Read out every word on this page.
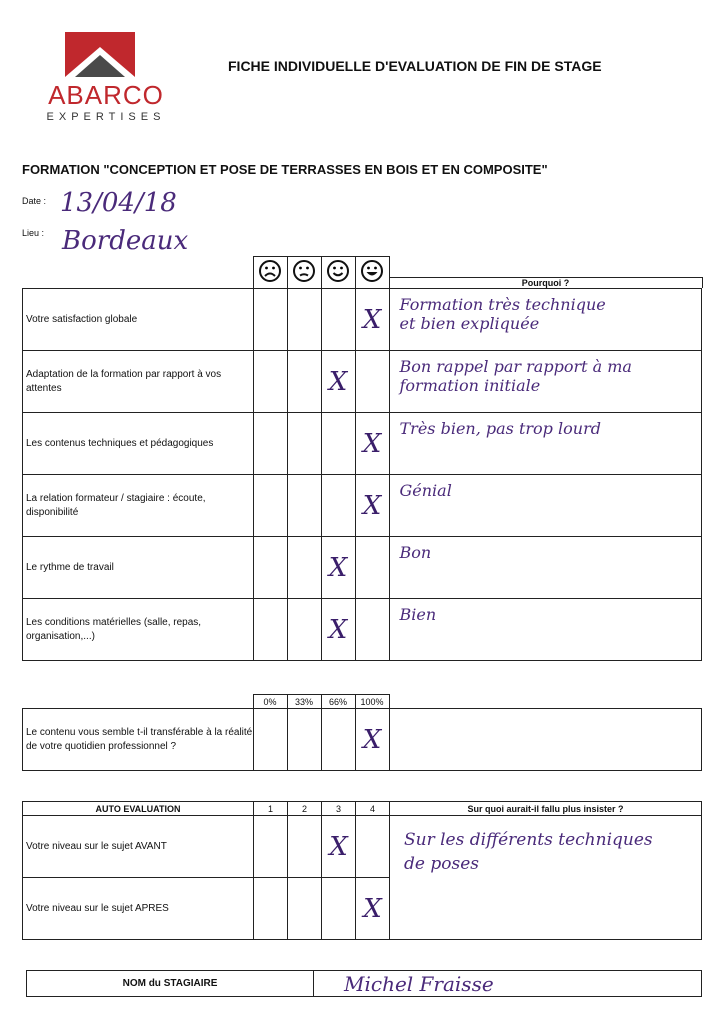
ABARCO
EXPERTISES
FICHE INDIVIDUELLE D'EVALUATION DE FIN DE STAGE
FORMATION "CONCEPTION ET POSE DE TERRASSES EN BOIS ET EN COMPOSITE"
Date : 13/04/18
Lieu : Bordeaux

Pourquoi ?

Votre satisfaction globale				X	Formation très technique
et bien expliquée

Adaptation de la formation par rapport à vos attentes			X		Bon rappel par rapport à ma
formation initiale

Les contenus techniques et pédagogiques				X	Très bien, pas trop lourd

La relation formateur / stagiaire : écoute, disponibilité				X	Génial

Le rythme de travail			X		Bon

Les conditions matérielles (salle, repas, organisation,...)			X		Bien
	0%	33%	66%	100%	
Le contenu vous semble t-il transférable à la réalité de votre quotidien professionnel ?				X	
AUTO EVALUATION	1	2	3	4	Sur quoi aurait-il fallu plus insister ?
Votre niveau sur le sujet AVANT			X		Sur les différents techniques
de poses

Votre niveau sur le sujet APRES				X	
NOM du STAGIAIRE	Michel Fraisse
